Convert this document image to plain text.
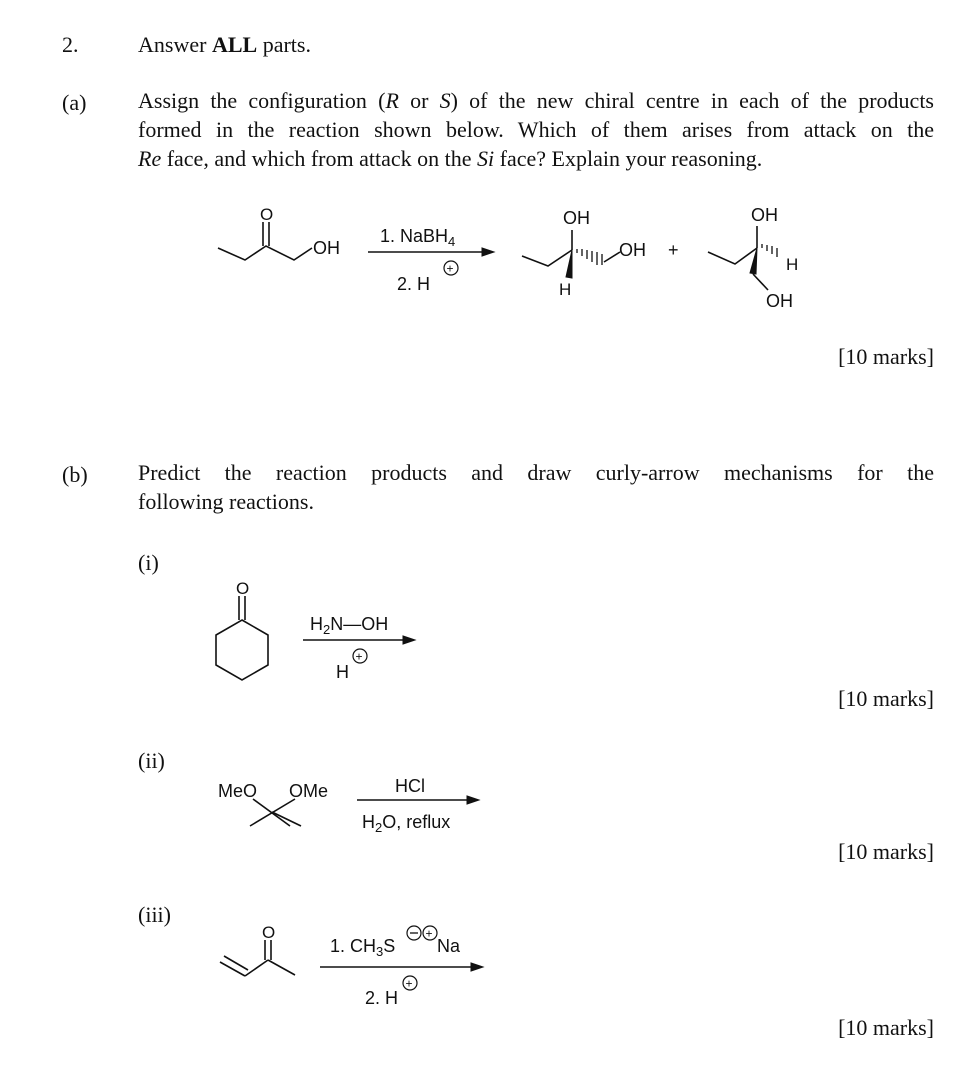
2.	Answer ALL parts.
(a) Assign the configuration (R or S) of the new chiral centre in each of the products
formed in the reaction shown below. Which of them arises from attack on the
Re face, and which from attack on the Si face? Explain your reasoning.
O
OH
1. NaBH$_4$
2. H
+
OH
OH
H
+
OH
H
OH
[10 marks]
(b) Predict the reaction products and draw curly-arrow mechanisms for the
following reactions.
(i)
O
$H_2N—OH$
H
+
[10 marks]
(ii)
MeO OMe	HCl
$H_2O$, reflux
[10 marks]
(iii)
O
1. $CH_3S$
+
Na
2. H
+
[10 marks]
